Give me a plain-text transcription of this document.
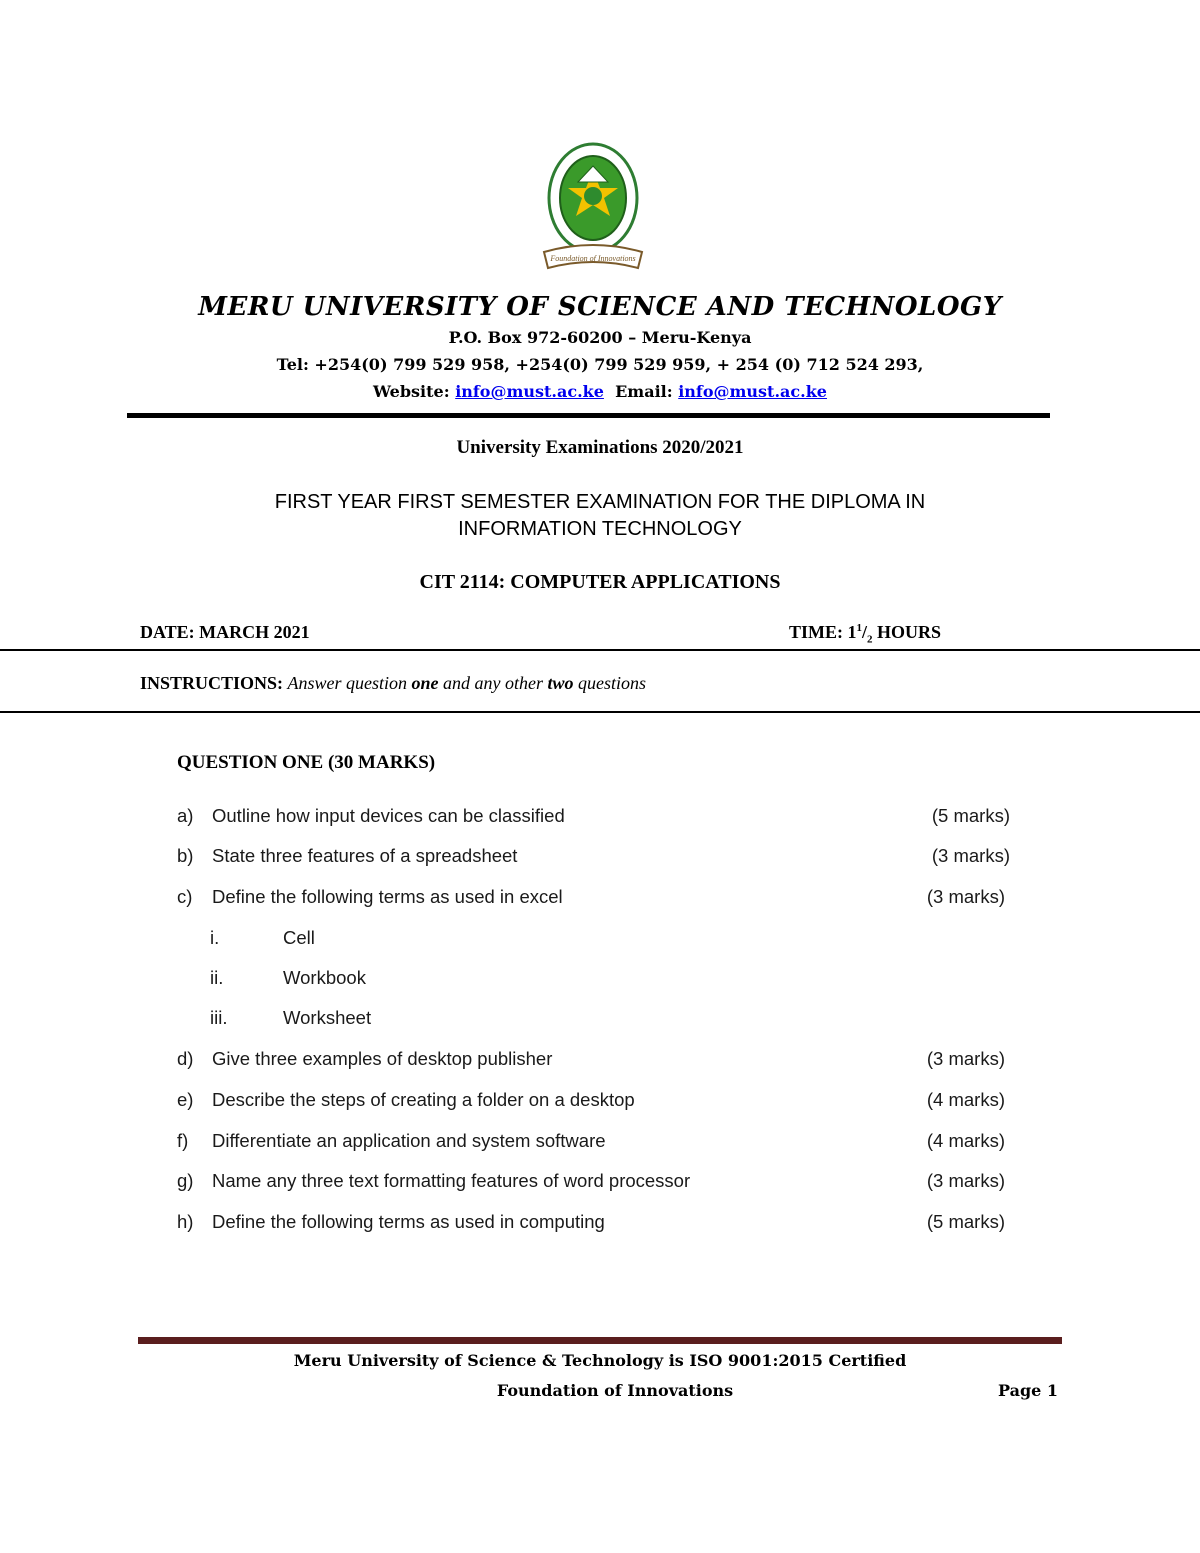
Foundation of Innovations
MERU UNIVERSITY OF SCIENCE AND TECHNOLOGY
P.O. Box 972-60200 – Meru-Kenya
Tel: +254(0) 799 529 958, +254(0) 799 529 959, + 254 (0) 712 524 293,
Website: info@must.ac.ke Email: info@must.ac.ke
University Examinations 2020/2021
FIRST YEAR FIRST SEMESTER EXAMINATION FOR THE DIPLOMA IN
INFORMATION TECHNOLOGY
CIT 2114: COMPUTER APPLICATIONS
DATE: MARCH 2021	TIME: $1^1/_2$ HOURS
INSTRUCTIONS: Answer question one and any other two questions
QUESTION ONE (30 MARKS)
a) Outline how input devices can be classified	(5 marks)
b) State three features of a spreadsheet	(3 marks)
c) Define the following terms as used in excel	(3 marks)
i.	Cell
ii.	Workbook
iii.	Worksheet
d) Give three examples of desktop publisher	(3 marks)
e) Describe the steps of creating a folder on a desktop	(4 marks)
f) Differentiate an application and system software	(4 marks)
g) Name any three text formatting features of word processor	(3 marks)
h) Define the following terms as used in computing	(5 marks)
Meru University of Science & Technology is ISO 9001:2015 Certified
Foundation of Innovations	Page 1
